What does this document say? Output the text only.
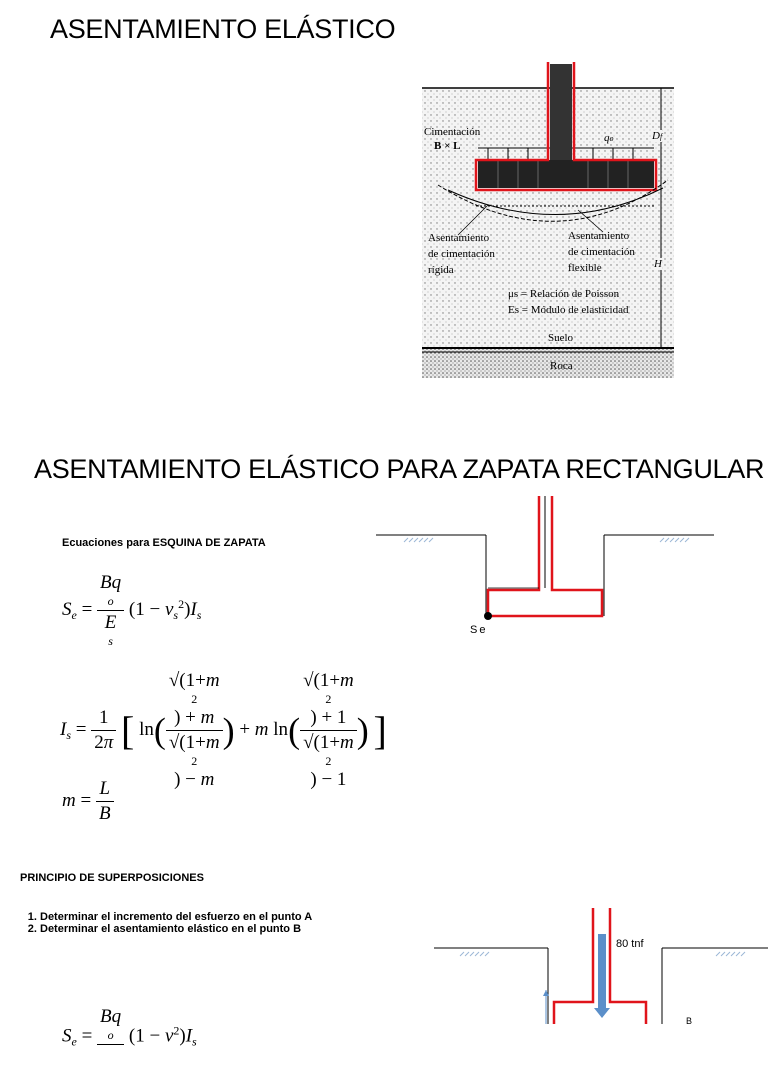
ASENTAMIENTO ELÁSTICO
Cimentación
B × L
qo	Df
Asentamiento
de cimentación
rígida
Asentamiento
de cimentación
flexible	H
μs = Relación de Poisson
Es = Módulo de elasticidad
Suelo
Roca
ASENTAMIENTO ELÁSTICO PARA ZAPATA RECTANGULAR
Ecuaciones para ESQUINA DE ZAPATA
$S_e = Bq$
o
E
s $(1 - \nu_s^2)I_s$
$I_s = \frac{1}{2\pi}$ [ ln( √(1+m
2
) + m
√(1+m
2
) − m ) + m ln( √(1+m
2
) + 1
√(1+m
2
) − 1 ) ]
$m = \frac{L}{B}$
Se
PRINCIPIO DE SUPERPOSICIONES
1. Determinar el incremento del esfuerzo en el punto A
2. Determinar el asentamiento elástico en el punto B
$S_e$ =
Bq
o
$(1 - \nu^2)I_s$
80 tnf
B
